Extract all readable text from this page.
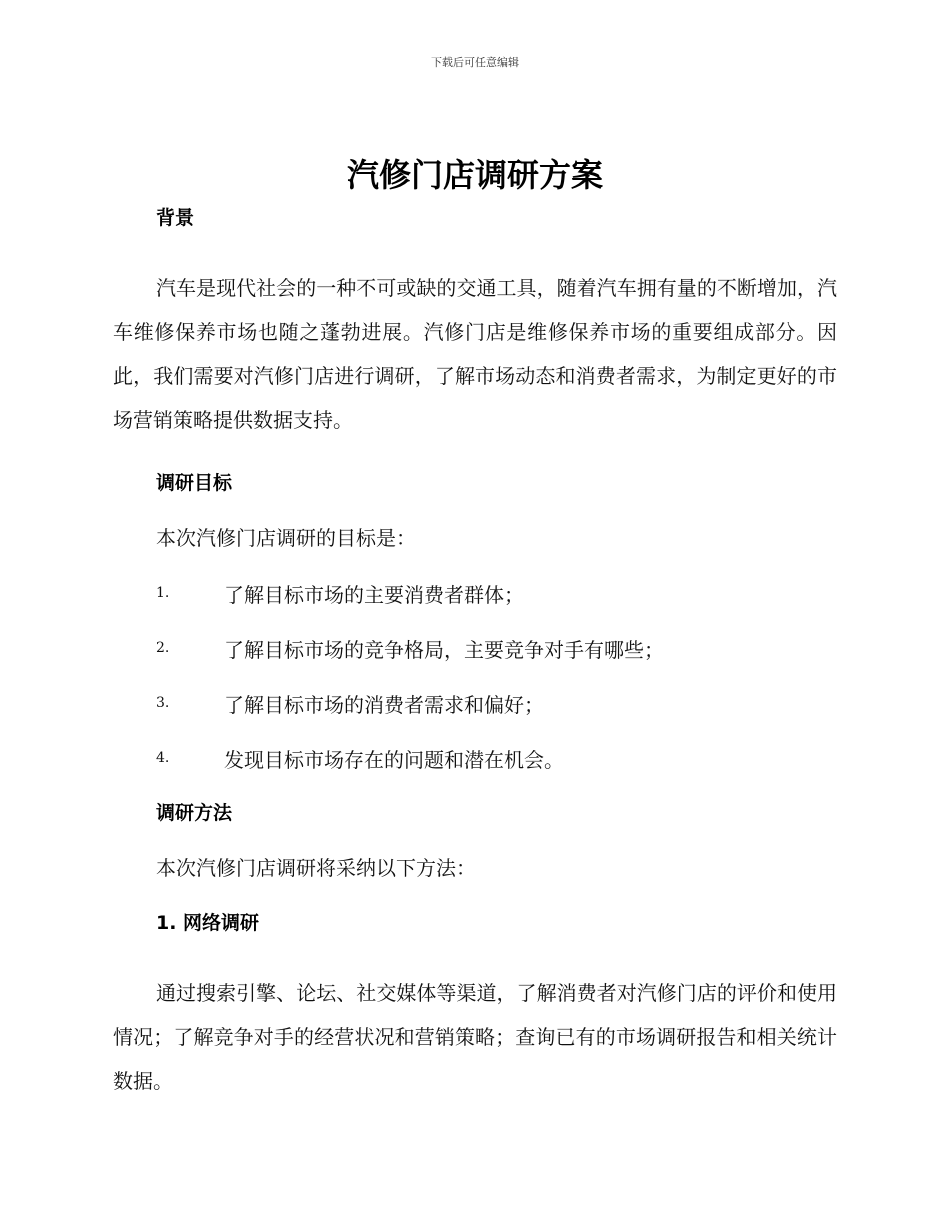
下载后可任意编辑
汽修门店调研方案
背景

汽车是现代社会的一种不可或缺的交通工具，随着汽车拥有量的不断增加，汽车维修保养市场也随之蓬勃进展。汽修门店是维修保养市场的重要组成部分。因此，我们需要对汽修门店进行调研，了解市场动态和消费者需求，为制定更好的市场营销策略提供数据支持。

调研目标

本次汽修门店调研的目标是：

1.	了解目标市场的主要消费者群体；
2.	了解目标市场的竞争格局，主要竞争对手有哪些；
3.	了解目标市场的消费者需求和偏好；
4.	发现目标市场存在的问题和潜在机会。
调研方法

本次汽修门店调研将采纳以下方法：

1. 网络调研

通过搜索引擎、论坛、社交媒体等渠道，了解消费者对汽修门店的评价和使用情况；了解竞争对手的经营状况和营销策略；查询已有的市场调研报告和相关统计数据。
